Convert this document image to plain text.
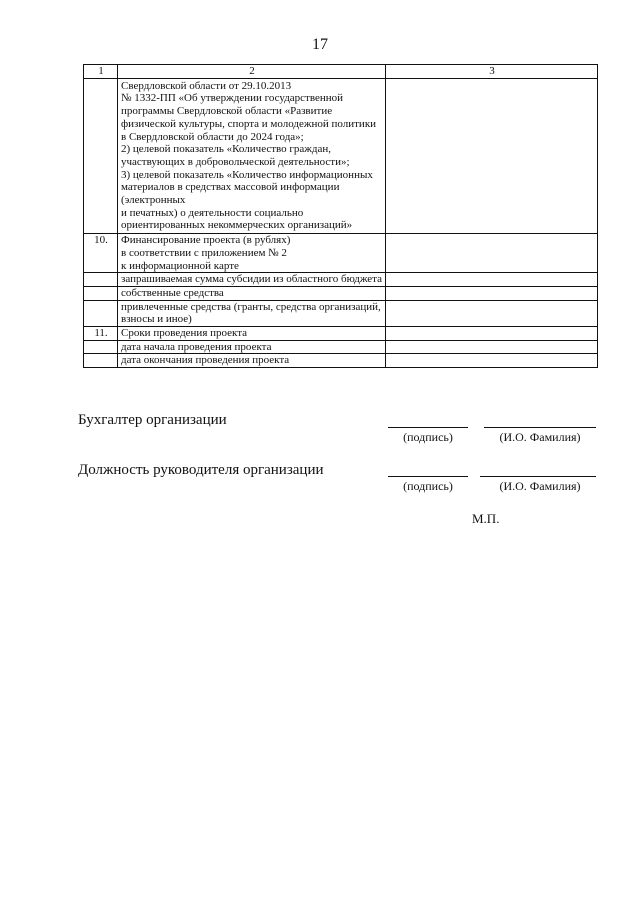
17
1	2	3
	Свердловской области от 29.10.2013
№ 1332-ПП «Об утверждении государственной программы Свердловской области «Развитие физической культуры, спорта и молодежной политики в Свердловской области до 2024 года»;
2) целевой показатель «Количество граждан, участвующих в добровольческой деятельности»;
3) целевой показатель «Количество информационных материалов в средствах массовой информации (электронных
и печатных) о деятельности социально ориентированных некоммерческих организаций»	
10.	Финансирование проекта (в рублях)
в соответствии с приложением № 2
к информационной карте	
	запрашиваемая сумма субсидии из областного бюджета	
	собственные средства	
	привлеченные средства (гранты, средства организаций, взносы и иное)	
11.	Сроки проведения проекта	
	дата начала проведения проекта	
	дата окончания проведения проекта	
Бухгалтер организации
(подпись)	(И.О. Фамилия)
Должность руководителя организации
(подпись)	(И.О. Фамилия)
М.П.
